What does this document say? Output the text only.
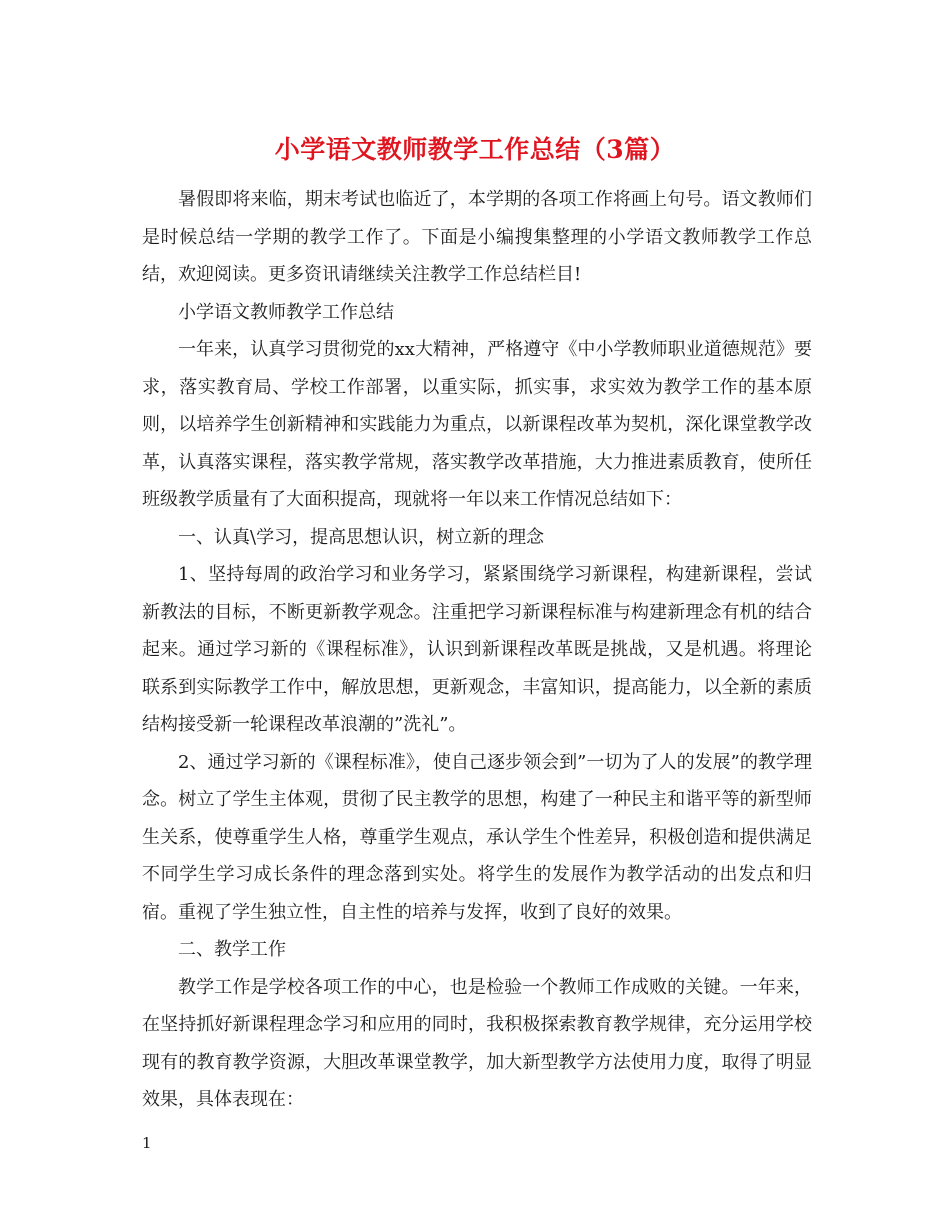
小学语文教师教学工作总结（3篇）

暑假即将来临，期末考试也临近了，本学期的各项工作将画上句号。语文教师们是时候总结一学期的教学工作了。下面是小编搜集整理的小学语文教师教学工作总结，欢迎阅读。更多资讯请继续关注教学工作总结栏目!

小学语文教师教学工作总结

一年来，认真学习贯彻党的xx大精神，严格遵守《中小学教师职业道德规范》要求，落实教育局、学校工作部署，以重实际，抓实事，求实效为教学工作的基本原则，以培养学生创新精神和实践能力为重点，以新课程改革为契机，深化课堂教学改革，认真落实课程，落实教学常规，落实教学改革措施，大力推进素质教育，使所任班级教学质量有了大面积提高，现就将一年以来工作情况总结如下：

一、认真\学习，提高思想认识，树立新的理念

1、坚持每周的政治学习和业务学习，紧紧围绕学习新课程，构建新课程，尝试新教法的目标，不断更新教学观念。注重把学习新课程标准与构建新理念有机的结合起来。通过学习新的《课程标准》，认识到新课程改革既是挑战，又是机遇。将理论联系到实际教学工作中，解放思想，更新观念，丰富知识，提高能力，以全新的素质结构接受新一轮课程改革浪潮的”洗礼”。

2、通过学习新的《课程标准》，使自己逐步领会到”一切为了人的发展”的教学理念。树立了学生主体观，贯彻了民主教学的思想，构建了一种民主和谐平等的新型师生关系，使尊重学生人格，尊重学生观点，承认学生个性差异，积极创造和提供满足不同学生学习成长条件的理念落到实处。将学生的发展作为教学活动的出发点和归宿。重视了学生独立性，自主性的培养与发挥，收到了良好的效果。

二、教学工作

教学工作是学校各项工作的中心，也是检验一个教师工作成败的关键。一年来，在坚持抓好新课程理念学习和应用的同时，我积极探索教育教学规律，充分运用学校现有的教育教学资源，大胆改革课堂教学，加大新型教学方法使用力度，取得了明显效果，具体表现在：

1
